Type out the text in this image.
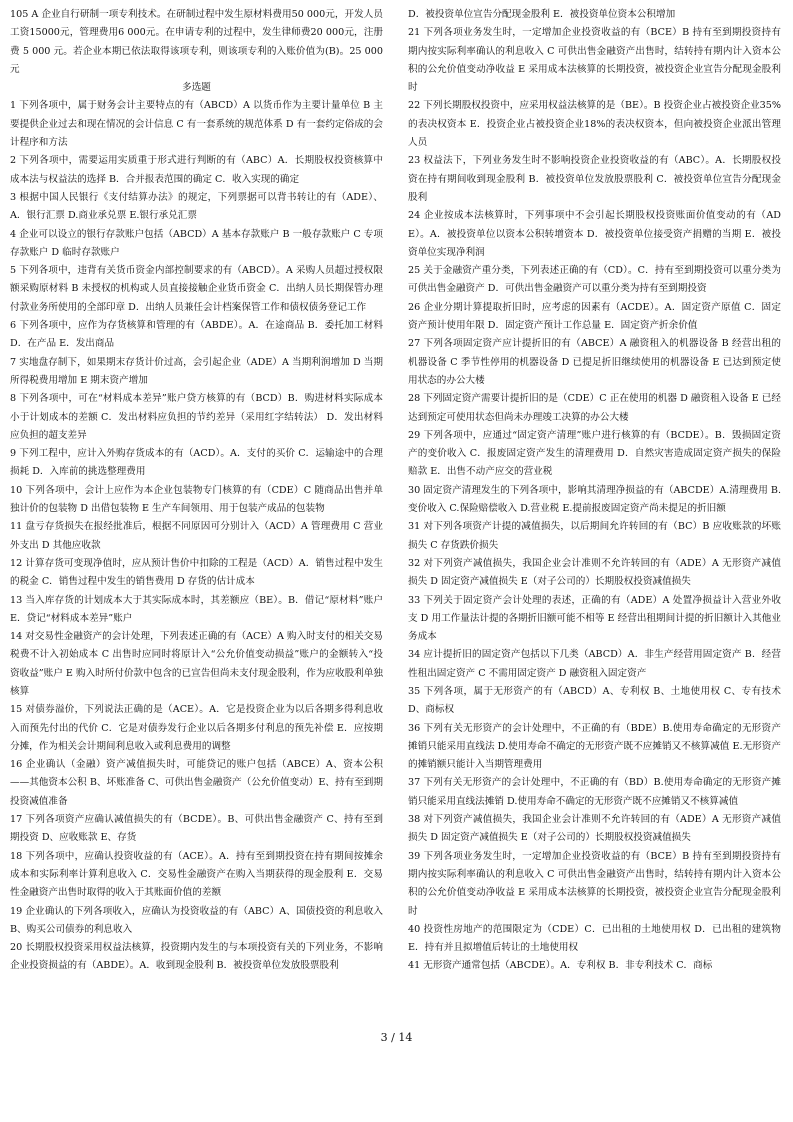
105 A 企业自行研制一项专利技术。在研制过程中发生原材料费用50 000元，开发人员工资15000元，管理费用6 000元。在申请专利的过程中，发生律师费20 000元，注册费 5 000 元。若企业本期已依法取得该项专利，则该项专利的入账价值为(B)。25 000元

多选题

1 下列各项中，属于财务会计主要特点的有（ABCD）A 以货币作为主要计量单位 B 主要提供企业过去和现在情况的会计信息 C 有一套系统的规范体系 D 有一套约定俗成的会计程序和方法

2 下列各项中，需要运用实质重于形式进行判断的有（ABC）A．长期股权投资核算中成本法与权益法的选择 B．合并报表范围的确定 C．收入实现的确定

3 根据中国人民银行《支付结算办法》的规定，下列票据可以背书转让的有（ADE）、A．银行汇票 D.商业承兑票 E.银行承兑汇票

4 企业可以设立的银行存款账户包括（ABCD）A 基本存款账户 B 一般存款账户 C 专项存款账户 D 临时存款账户

5 下列各项中，违背有关货币资金内部控制要求的有（ABCD）。A 采购人员超过授权限额采购原材料 B 未授权的机构或人员直接接触企业货币资金 C．出纳人员长期保管办理付款业务所使用的全部印章 D．出纳人员兼任会计档案保管工作和债权债务登记工作

6 下列各项中，应作为存货核算和管理的有（ABDE）。A．在途商品 B．委托加工材料 D．在产品 E．发出商品

7 实地盘存制下，如果期末存货计价过高，会引起企业（ADE）A 当期利润增加 D 当期所得税费用增加 E 期末资产增加

8 下列各项中，可在“材料成本差异”账户贷方核算的有（BCD）B．购进材料实际成本小于计划成本的差额 C．发出材料应负担的节约差异（采用红字结转法） D．发出材料应负担的超支差异

9 下列工程中，应计入外购存货成本的有（ACD）。A．支付的买价 C．运输途中的合理损耗 D．入库前的挑选整理费用

10 下列各项中，会计上应作为本企业包装物专门核算的有（CDE）C 随商品出售并单独计价的包装物 D 出借包装物 E 生产车间领用、用于包装产成品的包装物

11 盘亏存货损失在报经批准后，根据不同原因可分别计入（ACD）A 管理费用 C 营业外支出 D 其他应收款

12 计算存货可变现净值时，应从预计售价中扣除的工程是（ACD）A．销售过程中发生的税金 C．销售过程中发生的销售费用 D 存货的估计成本

13 当入库存货的计划成本大于其实际成本时，其差额应（BE）。B．借记“原材料”账户 E．贷记“材料成本差异”账户

14 对交易性金融资产的会计处理，下列表述正确的有（ACE）A 购入时支付的相关交易税费不计入初始成本 C 出售时应同时将原计入“公允价值变动损益”账户的金额转入“投资收益”账户 E 购入时所付价款中包含的已宣告但尚未支付现金股利，作为应收股利单独核算

15 对债券溢价，下列说法正确的是（ACE）。A．它是投资企业为以后各期多得利息收入而预先付出的代价 C．它是对债券发行企业以后各期多付利息的预先补偿 E．应按期分摊，作为相关会计期间利息收入或利息费用的调整

16 企业确认（金融）资产减值损失时，可能贷记的账户包括（ABCE）A、资本公积——其他资本公积 B、坏账准备 C、可供出售金融资产（公允价值变动）E、持有至到期投资减值准备

17 下列各项资产应确认减值损失的有（BCDE）。B、可供出售金融资产 C、持有至到期投资 D、应收账款 E、存货

18 下列各项中，应确认投资收益的有（ACE）。A．持有至到期投资在持有期间按摊余成本和实际利率计算利息收入 C．交易性金融资产在购入当期获得的现金股利 E．交易性金融资产出售时取得的收入于其账面价值的差额

19 企业确认的下列各项收入，应确认为投资收益的有（ABC）A、国债投资的利息收入 B、购买公司债券的利息收入

20 长期股权投资采用权益法核算，投资期内发生的与本项投资有关的下列业务，不影响企业投资损益的有（ABDE）。A．收到现金股利 B．被投资单位发放股票股利

D．被投资单位宣告分配现金股利 E．被投资单位资本公积增加

21 下列各项业务发生时，一定增加企业投资收益的有（BCE）B 持有至到期投资持有期内按实际利率确认的利息收入 C 可供出售金融资产出售时，结转持有期内计入资本公积的公允价值变动净收益 E 采用成本法核算的长期投资，被投资企业宣告分配现金股利时

22 下列长期股权投资中，应采用权益法核算的是（BE）。B 投资企业占被投资企业35%的表决权资本 E．投资企业占被投资企业18%的表决权资本，但向被投资企业派出管理人员

23 权益法下，下列业务发生时不影响投资企业投资收益的有（ABC）。A．长期股权投资在持有期间收到现金股利 B．被投资单位发放股票股利 C．被投资单位宣告分配现金股利

24 企业按成本法核算时，下列事项中不会引起长期股权投资账面价值变动的有（ADE）。A．被投资单位以资本公积转增资本 D．被投资单位接受资产捐赠的当期 E．被投资单位实现净利润

25 关于金融资产重分类，下列表述正确的有（CD）。C．持有至到期投资可以重分类为可供出售金融资产 D．可供出售金融资产可以重分类为持有至到期投资

26 企业分期计算提取折旧时，应考虑的因素有（ACDE）。A．固定资产原值 C．固定资产预计使用年限 D．固定资产预计工作总量 E．固定资产折余价值

27 下列各项固定资产应计提折旧的有（ABCE）A 融资租入的机器设备 B 经营出租的机器设备 C 季节性停用的机器设备 D 已提足折旧继续使用的机器设备 E 已达到预定使用状态的办公大楼

28 下列固定资产需要计提折旧的是（CDE）C 正在使用的机器 D 融资租入设备 E 已经达到预定可使用状态但尚未办理竣工决算的办公大楼

29 下列各项中，应通过“固定资产清理”账户进行核算的有（BCDE）。B．毁损固定资产的变价收入 C．报废固定资产发生的清理费用 D．自然灾害造成固定资产损失的保险赔款 E．出售不动产应交的营业税

30 固定资产清理发生的下列各项中，影响其清理净损益的有（ABCDE）A.清理费用 B.变价收入 C.保险赔偿收入 D.营业税 E.提前报废固定资产尚未提足的折旧额

31 对下列各项资产计提的减值损失，以后期间允许转回的有（BC）B 应收账款的坏账损失 C 存货跌价损失

32 对下列资产减值损失，我国企业会计准则不允许转回的有（ADE）A 无形资产减值损失 D 固定资产减值损失 E（对子公司的）长期股权投资减值损失

33 下列关于固定资产会计处理的表述，正确的有（ADE）A 处置净损益计入营业外收支 D 用工作量法计提的各期折旧额可能不相等 E 经营出租期间计提的折旧额计入其他业务成本

34 应计提折旧的固定资产包括以下几类（ABCD）A．非生产经营用固定资产 B．经营性租出固定资产 C 不需用固定资产 D 融资租入固定资产

35 下列各项，属于无形资产的有（ABCD）A、专利权 B、土地使用权 C、专有技术 D、商标权

36 下列有关无形资产的会计处理中，不正确的有（BDE）B.使用寿命确定的无形资产摊销只能采用直线法 D.使用寿命不确定的无形资产既不应摊销又不核算减值 E.无形资产的摊销额只能计入当期管理费用

37 下列有关无形资产的会计处理中，不正确的有（BD）B.使用寿命确定的无形资产摊销只能采用直线法摊销 D.使用寿命不确定的无形资产既不应摊销又不核算减值

38 对下列资产减值损失，我国企业会计准则不允许转回的有（ADE）A 无形资产减值损失 D 固定资产减值损失 E（对子公司的）长期股权投资减值损失

39 下列各项业务发生时，一定增加企业投资收益的有（BCE）B 持有至到期投资持有期内按实际利率确认的利息收入 C 可供出售金融资产出售时，结转持有期内计入资本公积的公允价值变动净收益 E 采用成本法核算的长期投资，被投资企业宣告分配现金股利时

40 投资性房地产的范围限定为（CDE）C．已出租的土地使用权 D．已出租的建筑物 E．持有并且拟增值后转让的土地使用权

41 无形资产通常包括（ABCDE）。A．专利权 B．非专利技术 C．商标

3 / 14
